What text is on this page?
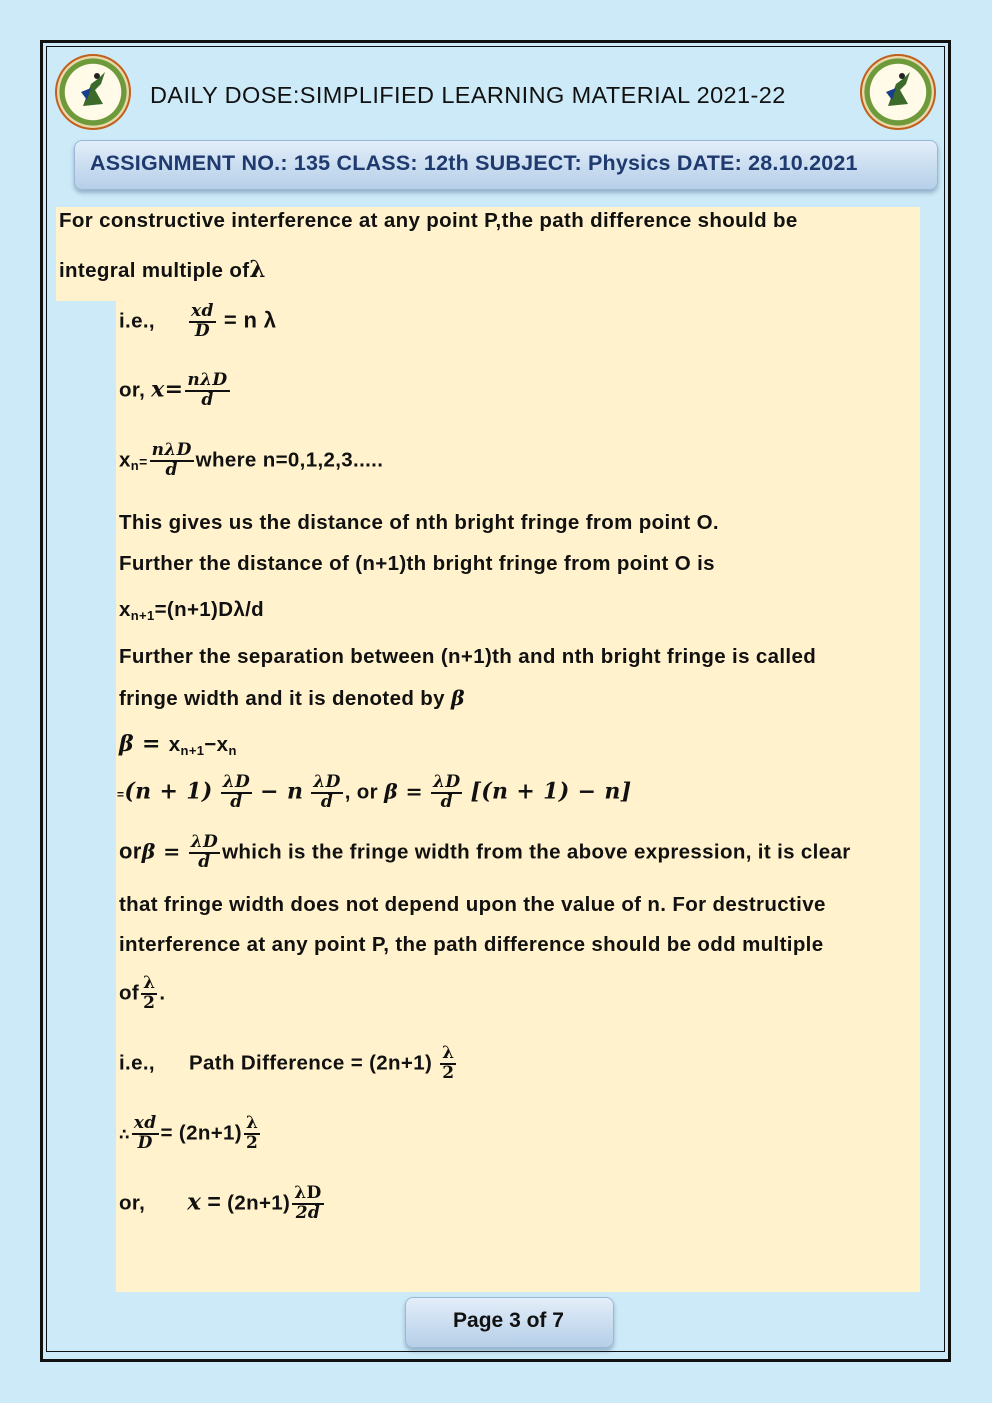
DAILY DOSE:SIMPLIFIED LEARNING MATERIAL 2021-22
ASSIGNMENT NO.: 135 CLASS: 12th SUBJECT: Physics DATE: 28.10.2021
For constructive interference at any point P,the path difference should be
integral multiple ofλ
i.e., $\frac{xd}{D} = n$ λ
or, $x= \frac{\text{nλD}}{d}$
$xn= \frac{\text{nλD}}{d}$ where n=0,1,2,3.....
This gives us the distance of nth bright fringe from point O.
Further the distance of (n+1)th bright fringe from point O is
xn+1=(n+1)Dλ/d
Further the separation between (n+1)th and nth bright fringe is called
fringe width and it is denoted by β
β = xn+1−xn
$=(n + 1) \frac{\lambda D}{d} - n \frac{\lambda D}{d}$ , or $\beta = \frac{\lambda D}{d} [(n + 1) - n]$
$or\beta = \frac{\lambda D}{d}$ which is the fringe width from the above expression, it is clear
that fringe width does not depend upon the value of n. For destructive
interference at any point P, the path difference should be odd multiple
of $\frac{\lambda}{2}$ .
i.e., Path Difference = $(2n+1) \frac{\lambda}{2}$
∴ $\frac{xd}{D} = (2n+1) \frac{\lambda}{2}$
or, $x = (2n+1) \frac{\lambda D}{2d}$
Page 3 of 7
